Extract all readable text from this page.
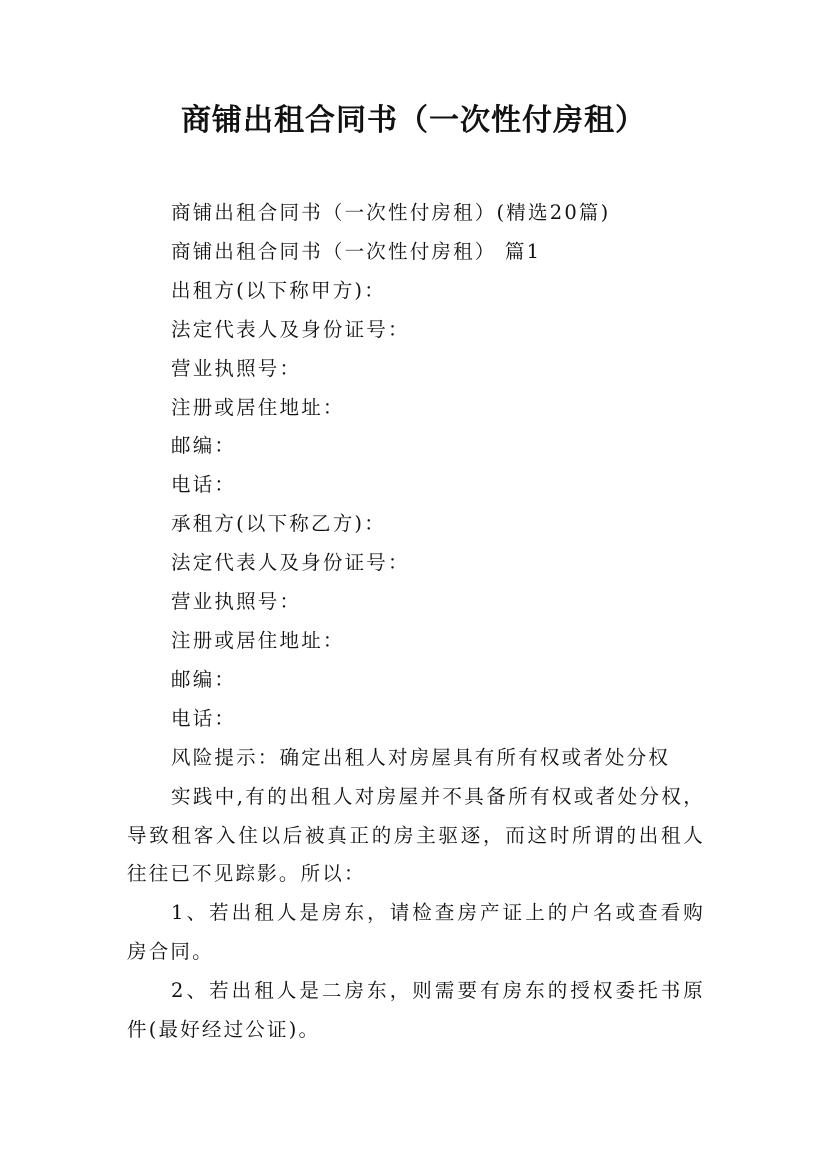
商铺出租合同书（一次性付房租）
商铺出租合同书（一次性付房租）(精选20篇)
商铺出租合同书（一次性付房租） 篇1
出租方(以下称甲方)：
法定代表人及身份证号：
营业执照号：
注册或居住地址：
邮编：
电话：
承租方(以下称乙方)：
法定代表人及身份证号：
营业执照号：
注册或居住地址：
邮编：
电话：
风险提示：确定出租人对房屋具有所有权或者处分权
实践中,有的出租人对房屋并不具备所有权或者处分权，导致租客入住以后被真正的房主驱逐，而这时所谓的出租人往往已不见踪影。所以：
1、若出租人是房东，请检查房产证上的户名或查看购房合同。
2、若出租人是二房东，则需要有房东的授权委托书原件(最好经过公证)。
